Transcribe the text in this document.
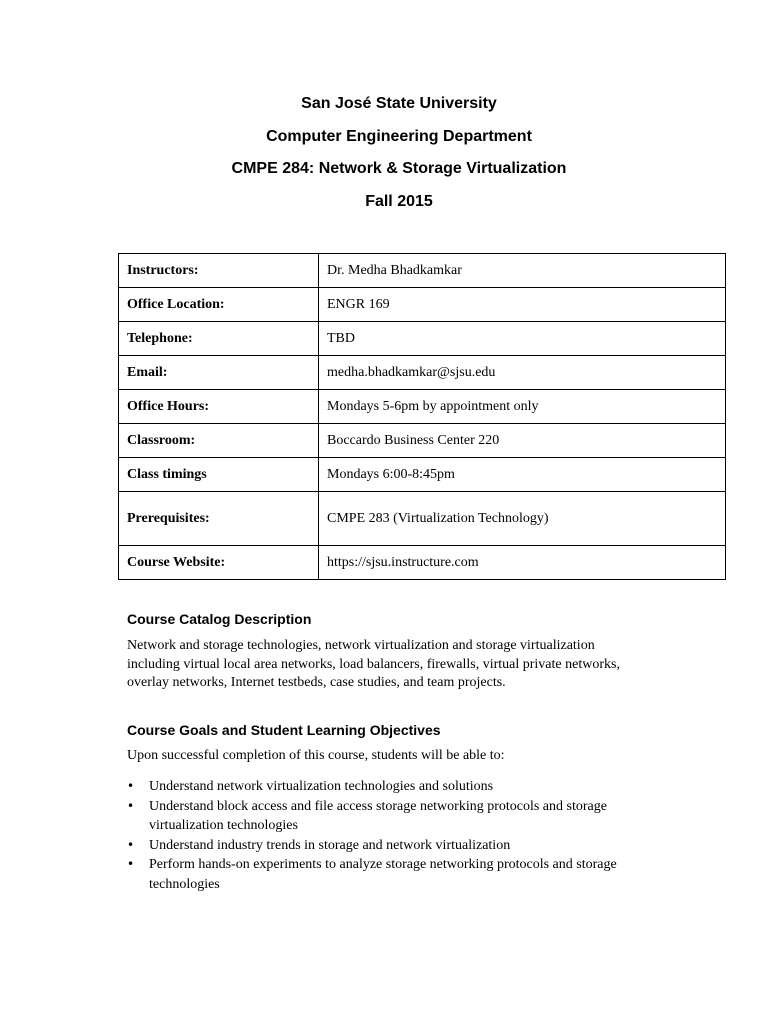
San José State University
Computer Engineering Department
CMPE 284: Network & Storage Virtualization
Fall 2015
Instructors:	Dr. Medha Bhadkamkar
Office Location:	ENGR 169
Telephone:	TBD
Email:	medha.bhadkamkar@sjsu.edu
Office Hours:	Mondays 5-6pm by appointment only
Classroom:	Boccardo Business Center 220
Class timings	Mondays 6:00-8:45pm
Prerequisites:	CMPE 283 (Virtualization Technology)
Course Website:	https://sjsu.instructure.com
Course Catalog Description
Network and storage technologies, network virtualization and storage virtualization
including virtual local area networks, load balancers, firewalls, virtual private networks,
overlay networks, Internet testbeds, case studies, and team projects.
Course Goals and Student Learning Objectives
Upon successful completion of this course, students will be able to:
• Understand network virtualization technologies and solutions
• Understand block access and file access storage networking protocols and storage
virtualization technologies
• Understand industry trends in storage and network virtualization
• Perform hands-on experiments to analyze storage networking protocols and storage
technologies
